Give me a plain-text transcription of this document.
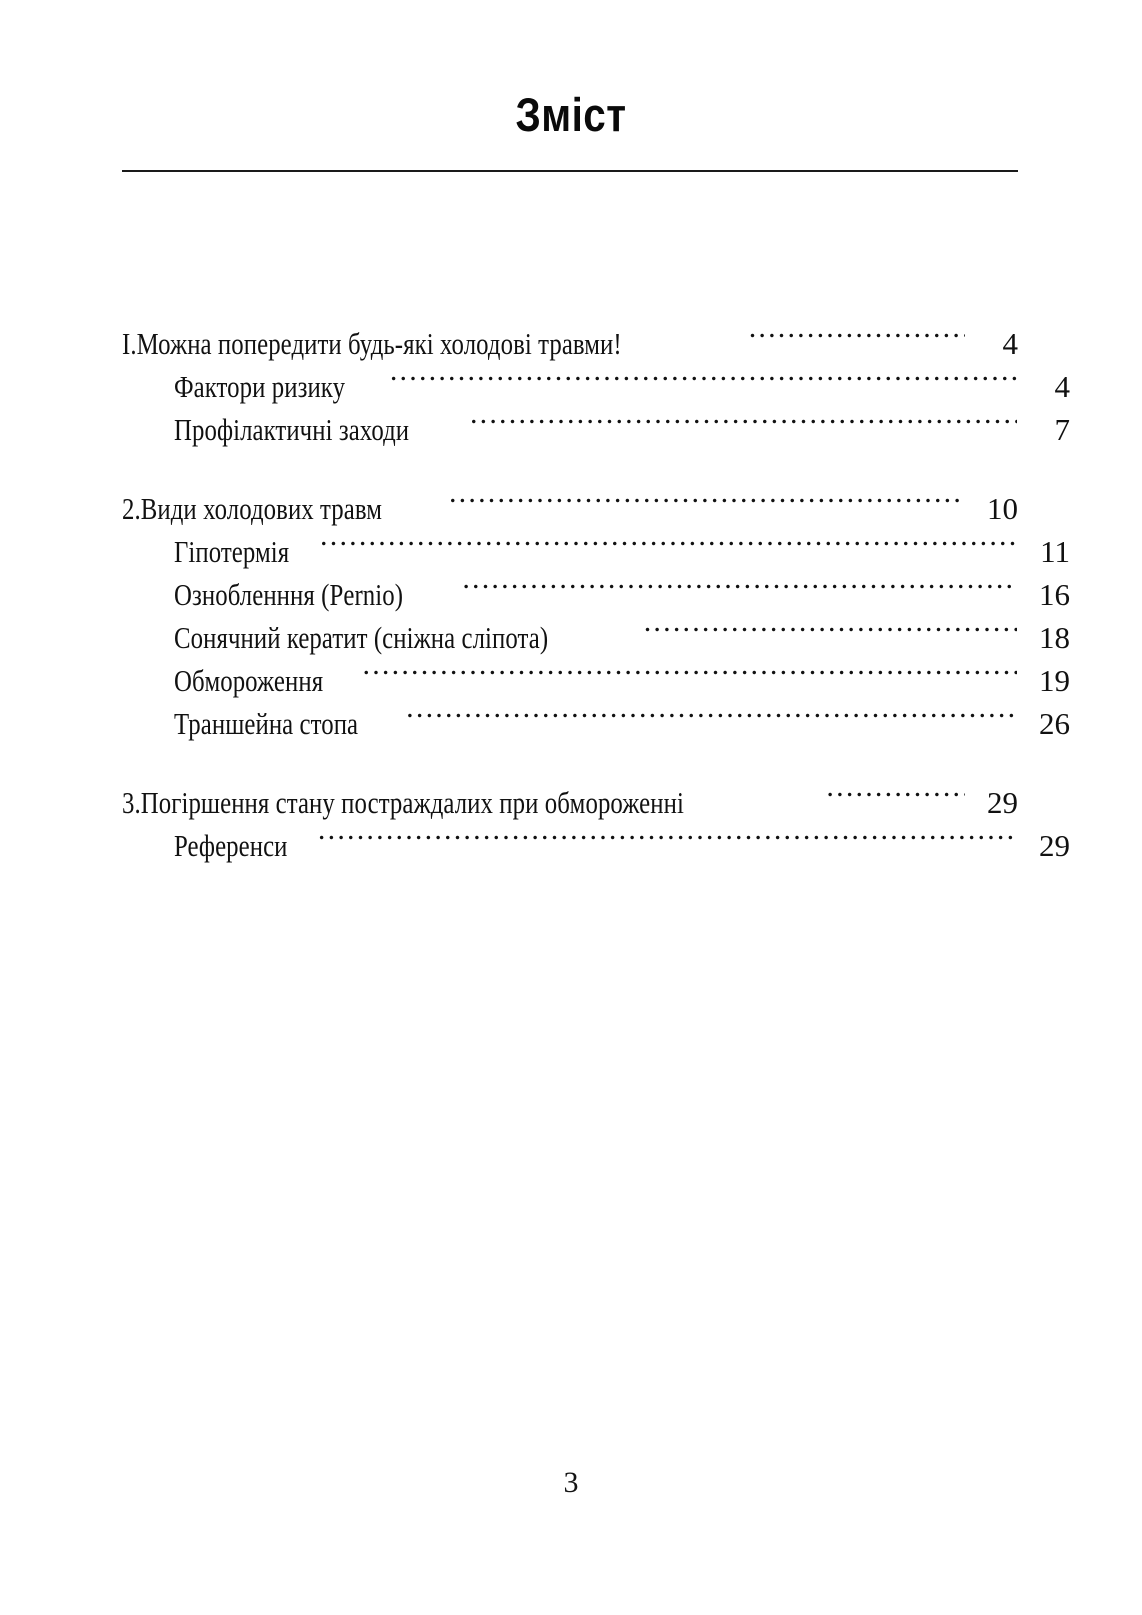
Зміст
І.Можна попередити будь-які холодові травми! .....	4
Фактори ризику .....	4
Профілактичні заходи .....	7
2.Види холодових травм .....	10
Гіпотермія .....	11
Ознобленння (Pernio) .....	16
Сонячний кератит (сніжна сліпота) .....	18
Обмороження .....	19
Траншейна стопа .....	26
3.Погіршення стану постраждалих при обмороженні .....	29
Референси .....	29
3
